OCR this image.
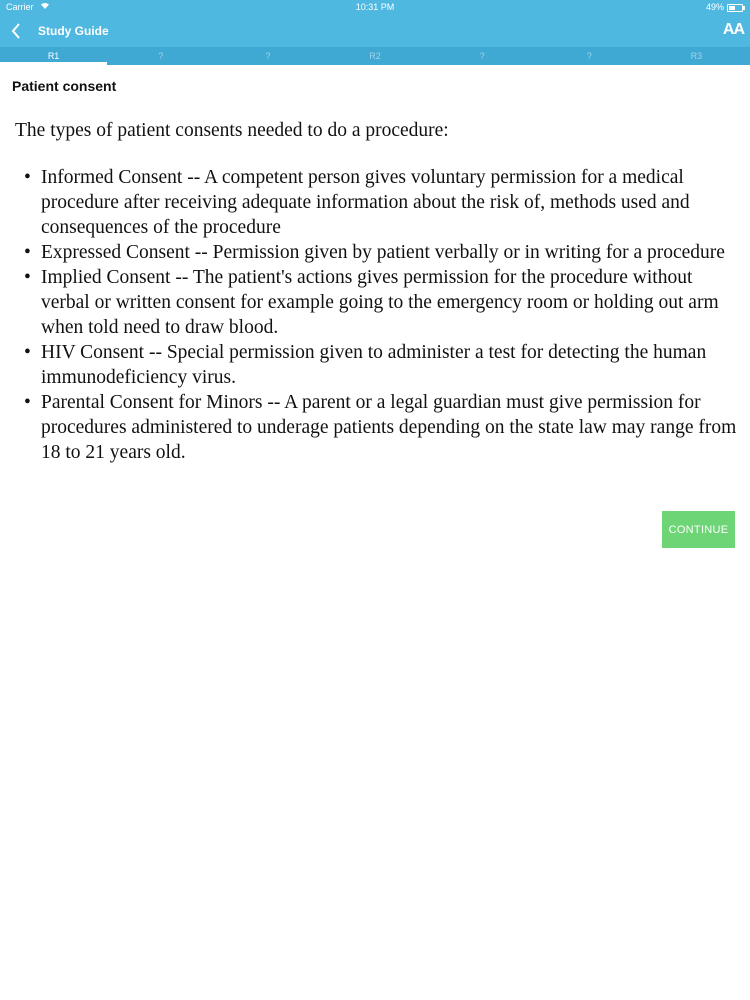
Carrier	10:31 PM	49%
Study Guide	AA
R1	?	?	R2	?	?	R3
Patient consent

The types of patient consents needed to do a procedure:

• Informed Consent -- A competent person gives voluntary permission for a medical procedure after receiving adequate information about the risk of, methods used and consequences of the procedure
• Expressed Consent -- Permission given by patient verbally or in writing for a procedure
• Implied Consent -- The patient's actions gives permission for the procedure without verbal or written consent for example going to the emergency room or holding out arm when told need to draw blood.
• HIV Consent -- Special permission given to administer a test for detecting the human immunodeficiency virus.
• Parental Consent for Minors -- A parent or a legal guardian must give permission for procedures administered to underage patients depending on the state law may range from 18 to 21 years old.
CONTINUE
